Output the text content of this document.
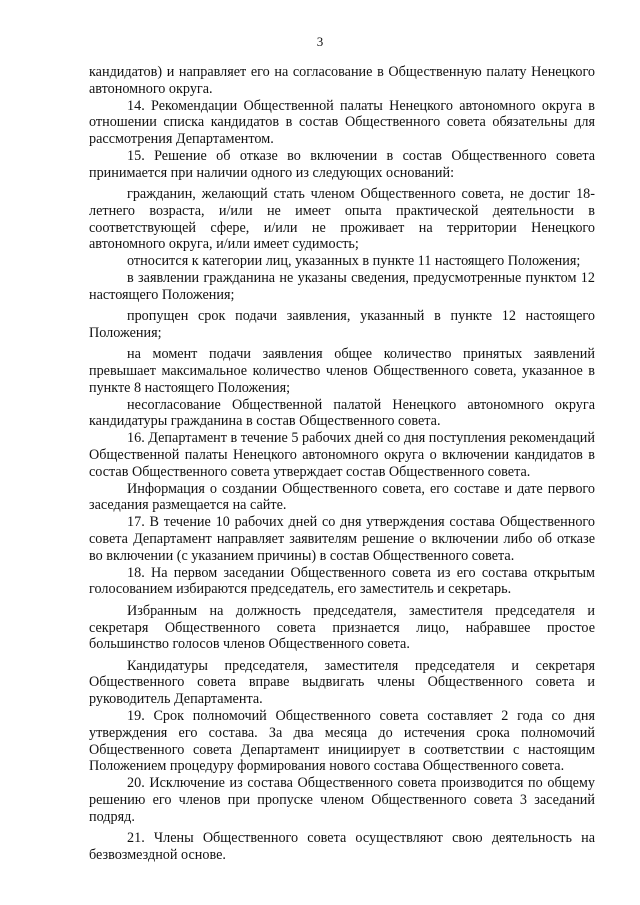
3

кандидатов) и направляет его на согласование в Общественную палату Ненецкого автономного округа.

14. Рекомендации Общественной палаты Ненецкого автономного округа в отношении списка кандидатов в состав Общественного совета обязательны для рассмотрения Департаментом.

15. Решение об отказе во включении в состав Общественного совета принимается при наличии одного из следующих оснований:

гражданин, желающий стать членом Общественного совета, не достиг 18-летнего возраста, и/или не имеет опыта практической деятельности в соответствующей сфере, и/или не проживает на территории Ненецкого автономного округа, и/или имеет судимость;

относится к категории лиц, указанных в пункте 11 настоящего Положения;

в заявлении гражданина не указаны сведения, предусмотренные пунктом 12 настоящего Положения;

пропущен срок подачи заявления, указанный в пункте 12 настоящего Положения;

на момент подачи заявления общее количество принятых заявлений превышает максимальное количество членов Общественного совета, указанное в пункте 8 настоящего Положения;

несогласование Общественной палатой Ненецкого автономного округа кандидатуры гражданина в состав Общественного совета.

16. Департамент в течение 5 рабочих дней со дня поступления рекомендаций Общественной палаты Ненецкого автономного округа о включении кандидатов в состав Общественного совета утверждает состав Общественного совета.

Информация о создании Общественного совета, его составе и дате первого заседания размещается на сайте.

17. В течение 10 рабочих дней со дня утверждения состава Общественного совета Департамент направляет заявителям решение о включении либо об отказе во включении (с указанием причины) в состав Общественного совета.

18. На первом заседании Общественного совета из его состава открытым голосованием избираются председатель, его заместитель и секретарь.

Избранным на должность председателя, заместителя председателя и секретаря Общественного совета признается лицо, набравшее простое большинство голосов членов Общественного совета.

Кандидатуры председателя, заместителя председателя и секретаря Общественного совета вправе выдвигать члены Общественного совета и руководитель Департамента.

19. Срок полномочий Общественного совета составляет 2 года со дня утверждения его состава. За два месяца до истечения срока полномочий Общественного совета Департамент инициирует в соответствии с настоящим Положением процедуру формирования нового состава Общественного совета.

20. Исключение из состава Общественного совета производится по общему решению его членов при пропуске членом Общественного совета 3 заседаний подряд.

21. Члены Общественного совета осуществляют свою деятельность на безвозмездной основе.
